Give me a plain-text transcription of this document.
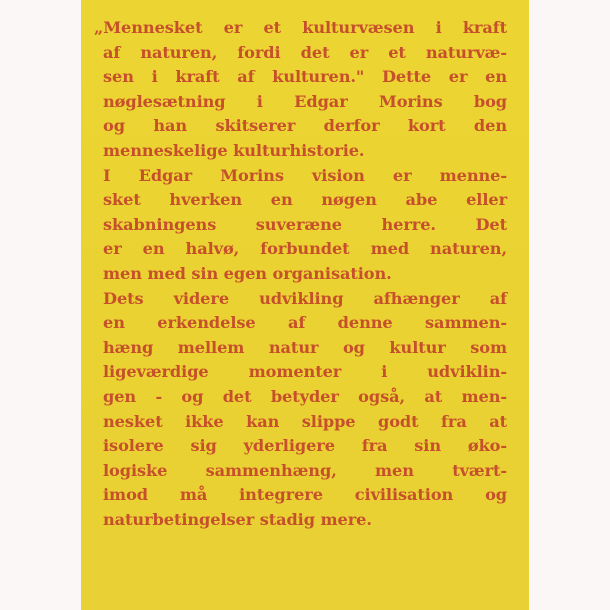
„Mennesket er et kulturvæsen i kraft
af naturen, fordi det er et naturvæ-
sen i kraft af kulturen." Dette er en
nøglesætning i Edgar Morins bog
og han skitserer derfor kort den
menneskelige kulturhistorie.
I Edgar Morins vision er menne-
sket hverken en nøgen abe eller
skabningens suveræne herre. Det
er en halvø, forbundet med naturen,
men med sin egen organisation.
Dets videre udvikling afhænger af
en erkendelse af denne sammen-
hæng mellem natur og kultur som
ligeværdige momenter i udviklin-
gen - og det betyder også, at men-
nesket ikke kan slippe godt fra at
isolere sig yderligere fra sin øko-
logiske sammenhæng, men tvært-
imod må integrere civilisation og
naturbetingelser stadig mere.
